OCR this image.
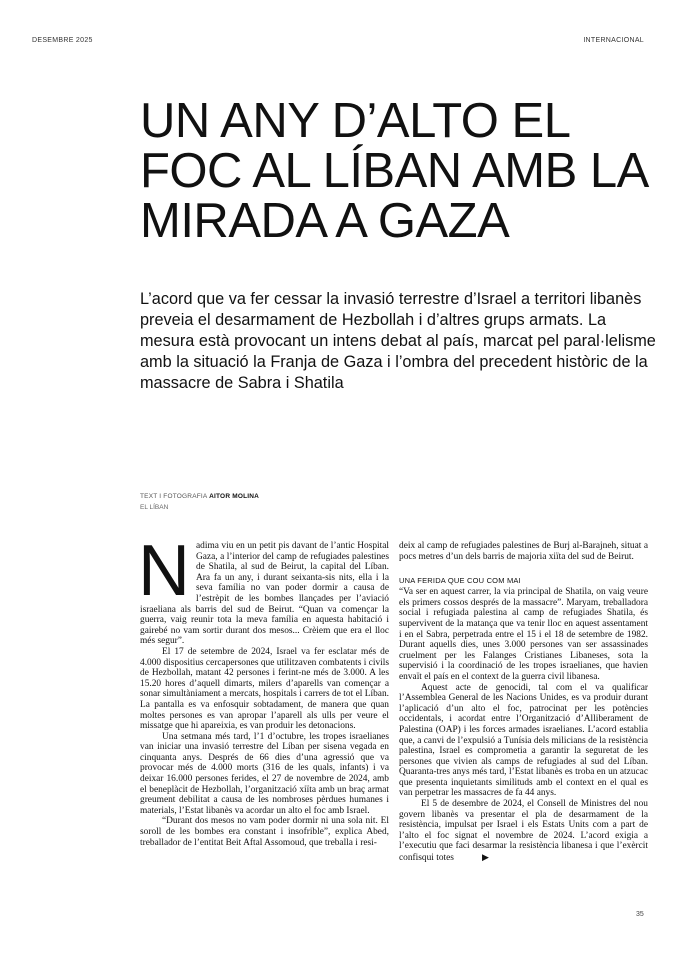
DESEMBRE 2025	INTERNACIONAL
UN ANY D’ALTO EL FOC AL LÍBAN AMB LA MIRADA A GAZA

L’acord que va fer cessar la invasió terrestre d’Israel a territori libanès preveia el desarmament de Hezbollah i d’altres grups armats. La mesura està provocant un intens debat al país, marcat pel paral·lelisme amb la situació la Franja de Gaza i l’ombra del precedent històric de la massacre de Sabra i Shatila

TEXT I FOTOGRAFIA AITOR MOLINA
EL LÍBAN

Nadima viu en un petit pis davant de l’antic Hospital Gaza, a l’interior del camp de refugiades palestines de Shatila, al sud de Beirut, la capital del Líban. Ara fa un any, i durant seixanta-sis nits, ella i la seva família no van poder dormir a causa de l’estrèpit de les bombes llançades per l’aviació israeliana als barris del sud de Beirut. “Quan va començar la guerra, vaig reunir tota la meva família en aquesta habitació i gairebé no vam sortir durant dos mesos... Crèiem que era el lloc més segur”.

El 17 de setembre de 2024, Israel va fer esclatar més de 4.000 dispositius cercapersones que utilitzaven combatents i civils de Hezbollah, matant 42 persones i ferint-ne més de 3.000. A les 15.20 hores d’aquell dimarts, milers d’aparells van començar a sonar simultàniament a mercats, hospitals i carrers de tot el Líban. La pantalla es va enfosquir sobtadament, de manera que quan moltes persones es van apropar l’aparell als ulls per veure el missatge que hi apareixia, es van produir les detonacions.

Una setmana més tard, l’1 d’octubre, les tropes israelianes van iniciar una invasió terrestre del Líban per sisena vegada en cinquanta anys. Després de 66 dies d’una agressió que va provocar més de 4.000 morts (316 de les quals, infants) i va deixar 16.000 persones ferides, el 27 de novembre de 2024, amb el beneplàcit de Hezbollah, l’organització xiïta amb un braç armat greument debilitat a causa de les nombroses pèrdues humanes i materials, l’Estat libanès va acordar un alto el foc amb Israel.

“Durant dos mesos no vam poder dormir ni una sola nit. El soroll de les bombes era constant i insofrible”, explica Abed, treballador de l’entitat Beit Aftal Assomoud, que treballa i resi-

deix al camp de refugiades palestines de Burj al-Barajneh, situat a pocs metres d’un dels barris de majoria xiïta del sud de Beirut.

UNA FERIDA QUE COU COM MAI

“Va ser en aquest carrer, la via principal de Shatila, on vaig veure els primers cossos després de la massacre”. Maryam, treballadora social i refugiada palestina al camp de refugiades Shatila, és supervivent de la matança que va tenir lloc en aquest assentament i en el Sabra, perpetrada entre el 15 i el 18 de setembre de 1982. Durant aquells dies, unes 3.000 persones van ser assassinades cruelment per les Falanges Cristianes Libaneses, sota la supervisió i la coordinació de les tropes israelianes, que havien envaït el país en el context de la guerra civil libanesa.

Aquest acte de genocidi, tal com el va qualificar l’Assemblea General de les Nacions Unides, es va produir durant l’aplicació d’un alto el foc, patrocinat per les potències occidentals, i acordat entre l’Organització d’Alliberament de Palestina (OAP) i les forces armades israelianes. L’acord establia que, a canvi de l’expulsió a Tunísia dels milicians de la resistència palestina, Israel es comprometia a garantir la seguretat de les persones que vivien als camps de refugiades al sud del Líban. Quaranta-tres anys més tard, l’Estat libanès es troba en un atzucac que presenta inquietants similituds amb el context en el qual es van perpetrar les massacres de fa 44 anys.

El 5 de desembre de 2024, el Consell de Ministres del nou govern libanès va presentar el pla de desarmament de la resistència, impulsat per Israel i els Estats Units com a part de l’alto el foc signat el novembre de 2024. L’acord exigia a l’executiu que faci desarmar la resistència libanesa i que l’exèrcit confisqui totes	▶

35
